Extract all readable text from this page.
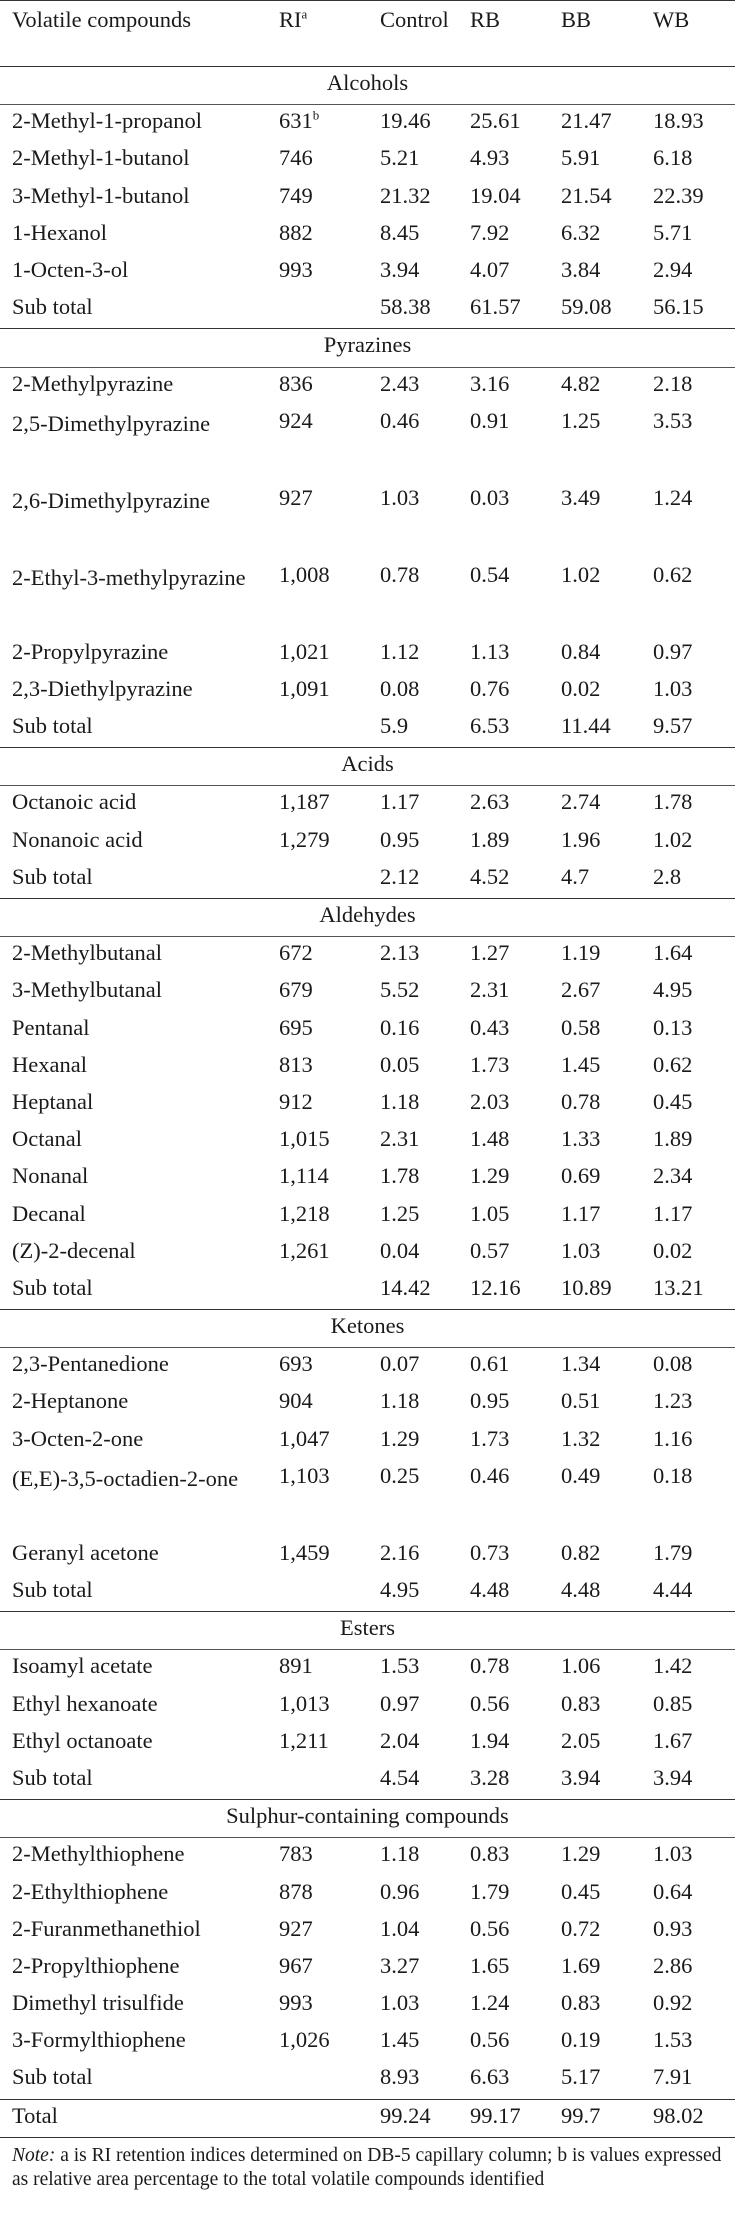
Volatile compounds	$RI^a$	Control	RB	BB	WB
Alcohols					
2-Methyl-1-propanol	631$^b$	19.46	25.61	21.47	18.93
2-Methyl-1-butanol	746	5.21	4.93	5.91	6.18
3-Methyl-1-butanol	749	21.32	19.04	21.54	22.39
1-Hexanol	882	8.45	7.92	6.32	5.71
1-Octen-3-ol	993	3.94	4.07	3.84	2.94
Sub total		58.38	61.57	59.08	56.15
Pyrazines					
2-Methylpyrazine	836	2.43	3.16	4.82	2.18
2,5-Dimethylpyrazine	924	0.46	0.91	1.25	3.53
2,6-Dimethylpyrazine	927	1.03	0.03	3.49	1.24
2-Ethyl-3-methylpyrazine	1,008	0.78	0.54	1.02	0.62
2-Propylpyrazine	1,021	1.12	1.13	0.84	0.97
2,3-Diethylpyrazine	1,091	0.08	0.76	0.02	1.03
Sub total		5.9	6.53	11.44	9.57
Acids					
Octanoic acid	1,187	1.17	2.63	2.74	1.78
Nonanoic acid	1,279	0.95	1.89	1.96	1.02
Sub total		2.12	4.52	4.7	2.8
Aldehydes					
2-Methylbutanal	672	2.13	1.27	1.19	1.64
3-Methylbutanal	679	5.52	2.31	2.67	4.95
Pentanal	695	0.16	0.43	0.58	0.13
Hexanal	813	0.05	1.73	1.45	0.62
Heptanal	912	1.18	2.03	0.78	0.45
Octanal	1,015	2.31	1.48	1.33	1.89
Nonanal	1,114	1.78	1.29	0.69	2.34
Decanal	1,218	1.25	1.05	1.17	1.17
(Z)-2-decenal	1,261	0.04	0.57	1.03	0.02
Sub total		14.42	12.16	10.89	13.21
Ketones					
2,3-Pentanedione	693	0.07	0.61	1.34	0.08
2-Heptanone	904	1.18	0.95	0.51	1.23
3-Octen-2-one	1,047	1.29	1.73	1.32	1.16
(E,E)-3,5-octadien-2-one	1,103	0.25	0.46	0.49	0.18
Geranyl acetone	1,459	2.16	0.73	0.82	1.79
Sub total		4.95	4.48	4.48	4.44
Esters					
Isoamyl acetate	891	1.53	0.78	1.06	1.42
Ethyl hexanoate	1,013	0.97	0.56	0.83	0.85
Ethyl octanoate	1,211	2.04	1.94	2.05	1.67
Sub total		4.54	3.28	3.94	3.94
Sulphur-containing compounds					
2-Methylthiophene	783	1.18	0.83	1.29	1.03
2-Ethylthiophene	878	0.96	1.79	0.45	0.64
2-Furanmethanethiol	927	1.04	0.56	0.72	0.93
2-Propylthiophene	967	3.27	1.65	1.69	2.86
Dimethyl trisulfide	993	1.03	1.24	0.83	0.92
3-Formylthiophene	1,026	1.45	0.56	0.19	1.53
Sub total		8.93	6.63	5.17	7.91
Total		99.24	99.17	99.7	98.02
Note: a is RI retention indices determined on DB-5 capillary column; b is values expressed as relative area percentage to the total volatile compounds identified
